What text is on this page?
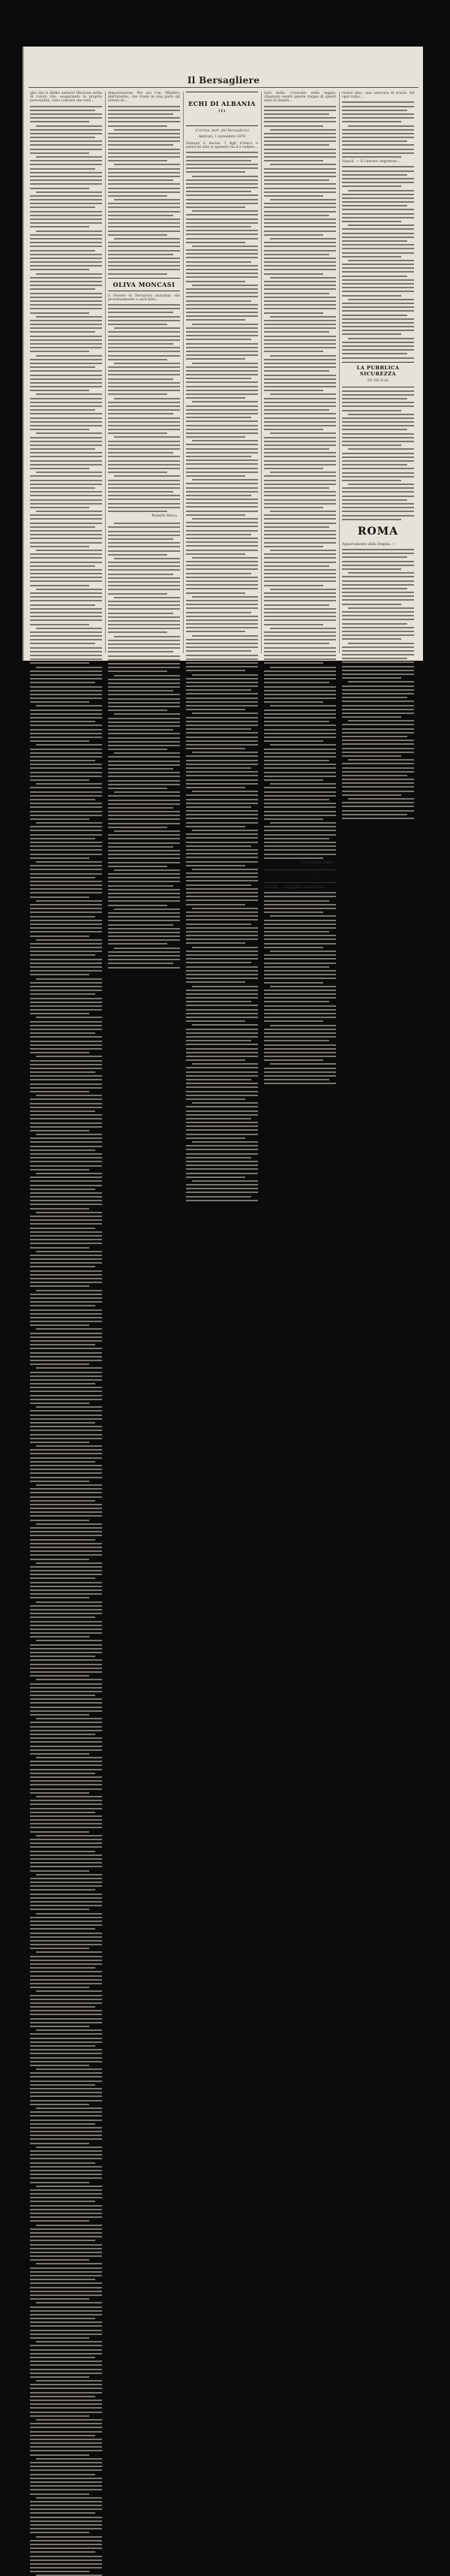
Il Bersagliere
glio che si debba andare! Illusione solita di coloro che, esagerando la propria personalità, sono convinti che tutti...
dimostrazione. Per noi l'on. Ministro dell'Interno, che rivela in una parte gli intenti di...
OLIVA MONCASI
Il Dovere di Terranova annunzia che prossimamente e sarà fatto...
Roberto Barca
ECHI DI ALBANIA $^{(1)}$
(Corrisp. part. del Bersagliere)
Antivari, 1 novembre 1878
Dunque è deciso. I figli d'Aisco e parecchi altri si spinsero da lì a vedere...
tutti belle. Crescere nella leggia: chiamare esenti queste trappe di questi armi in Sanità...
Un ex Garibaldino
IN ITALIA
Bologna. — Leggiamo nella Patria:
rivava ieno, una sinecura di scarsi. Ad ogni volta...
Napoli. — Il Gaetano Argentino...
LA PUBBLICA SICUREZZA
IN SICILIA
ROMA
Appartamento della Regina. —
